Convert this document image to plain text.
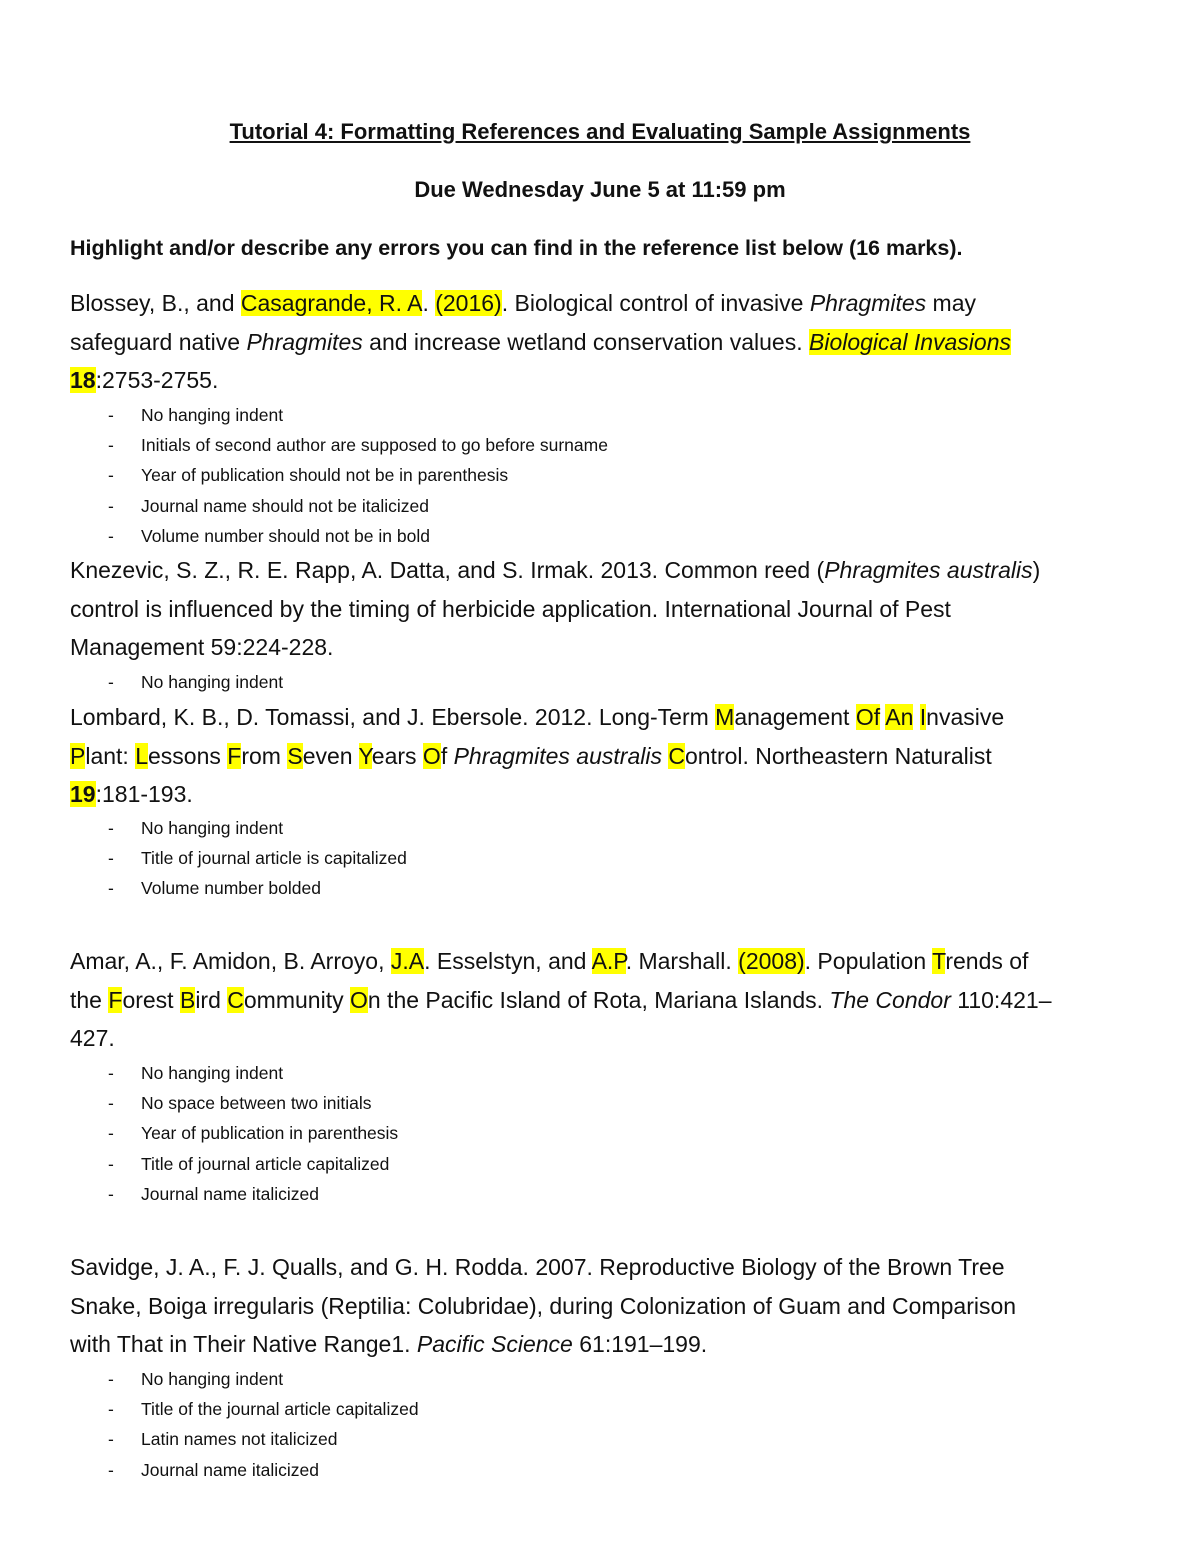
Tutorial 4: Formatting References and Evaluating Sample Assignments
Due Wednesday June 5 at 11:59 pm
Highlight and/or describe any errors you can find in the reference list below (16 marks).
Blossey, B., and Casagrande, R. A. (2016). Biological control of invasive Phragmites may
safeguard native Phragmites and increase wetland conservation values. Biological Invasions
18:2753-2755.
- No hanging indent
- Initials of second author are supposed to go before surname
- Year of publication should not be in parenthesis
- Journal name should not be italicized
- Volume number should not be in bold
Knezevic, S. Z., R. E. Rapp, A. Datta, and S. Irmak. 2013. Common reed (Phragmites australis)
control is influenced by the timing of herbicide application. International Journal of Pest
Management 59:224-228.
- No hanging indent
Lombard, K. B., D. Tomassi, and J. Ebersole. 2012. Long-Term Management Of An Invasive
Plant: Lessons From Seven Years Of Phragmites australis Control. Northeastern Naturalist
19:181-193.
- No hanging indent
- Title of journal article is capitalized
- Volume number bolded
Amar, A., F. Amidon, B. Arroyo, J.A. Esselstyn, and A.P. Marshall. (2008). Population Trends of
the Forest Bird Community On the Pacific Island of Rota, Mariana Islands. The Condor 110:421–
427.
- No hanging indent
- No space between two initials
- Year of publication in parenthesis
- Title of journal article capitalized
- Journal name italicized
Savidge, J. A., F. J. Qualls, and G. H. Rodda. 2007. Reproductive Biology of the Brown Tree
Snake, Boiga irregularis (Reptilia: Colubridae), during Colonization of Guam and Comparison
with That in Their Native Range1. Pacific Science 61:191–199.
- No hanging indent
- Title of the journal article capitalized
- Latin names not italicized
- Journal name italicized
